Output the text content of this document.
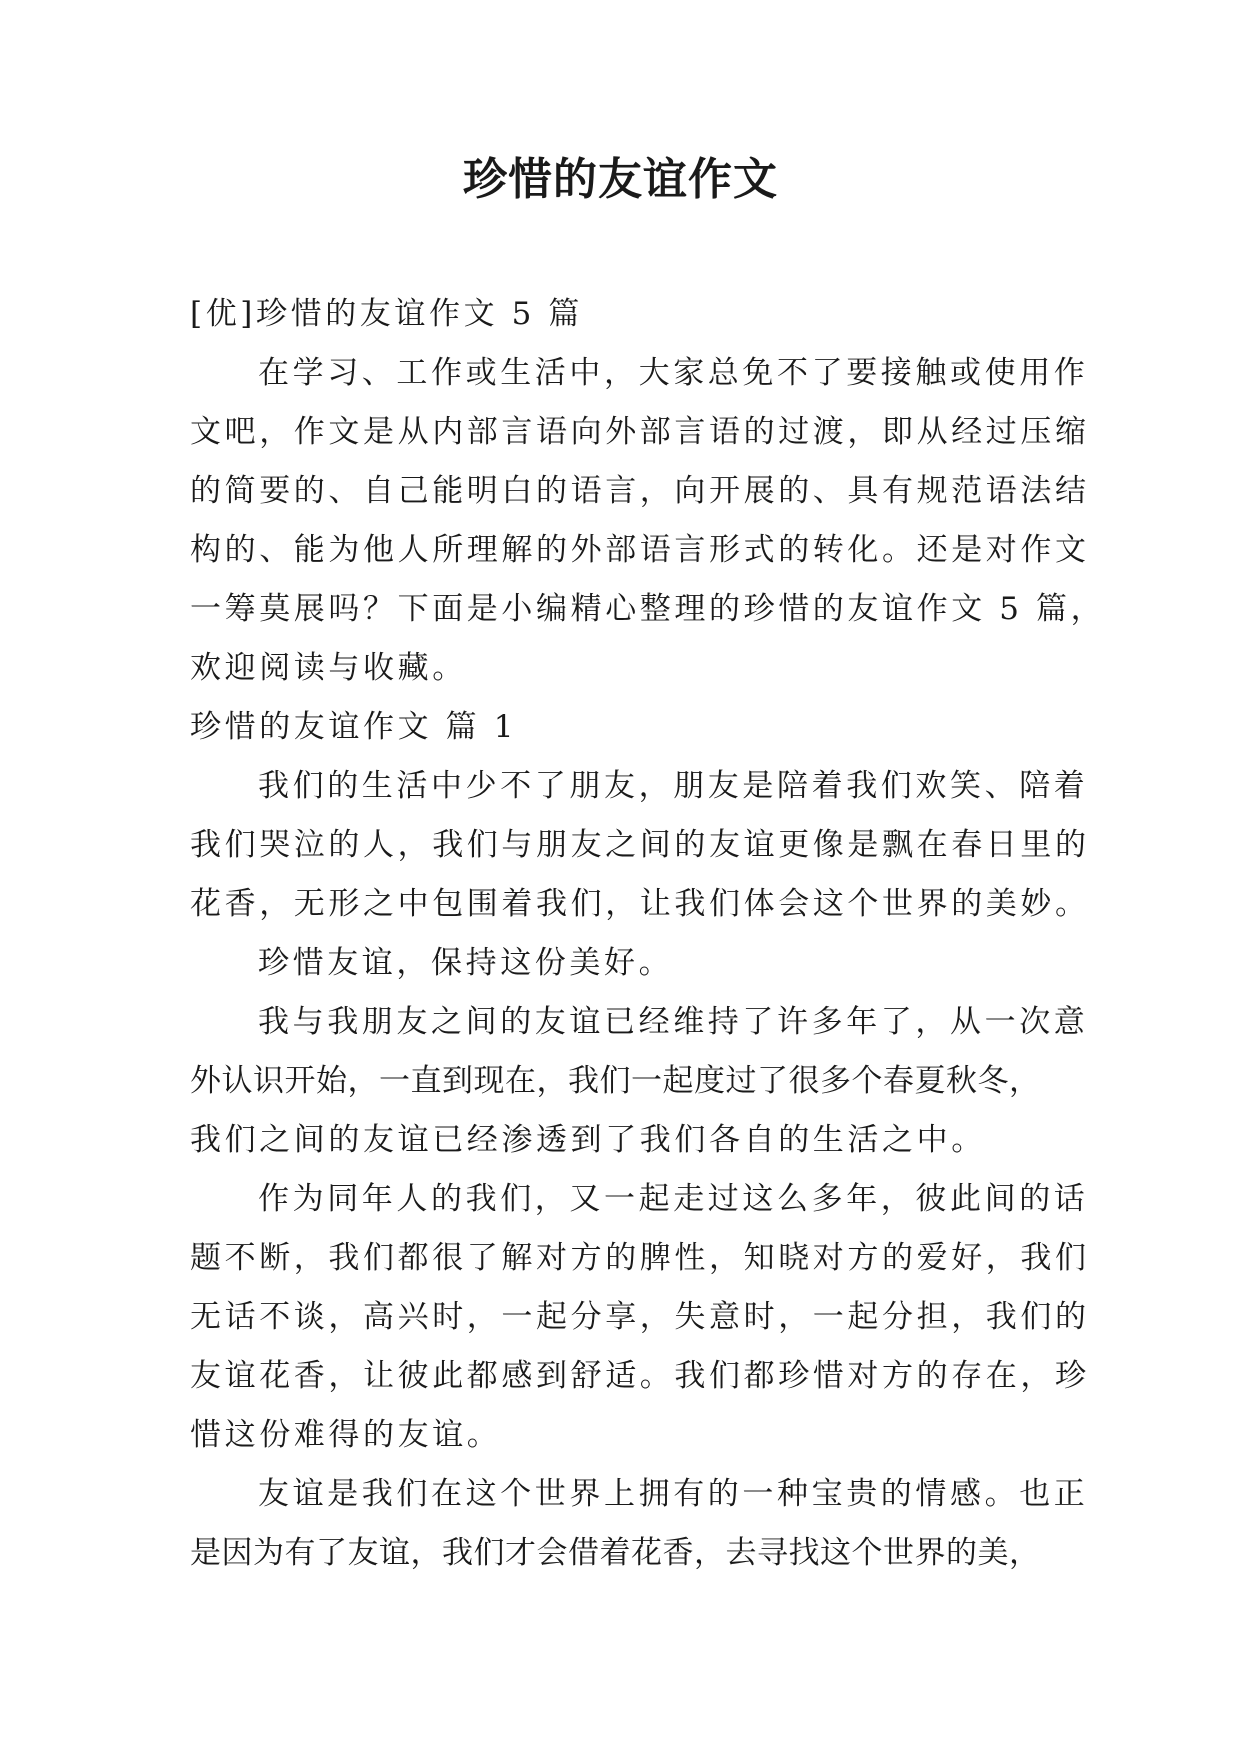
珍惜的友谊作文
[优]珍惜的友谊作文 5 篇

在学习、工作或生活中，大家总免不了要接触或使用作
文吧，作文是从内部言语向外部言语的过渡，即从经过压缩
的简要的、自己能明白的语言，向开展的、具有规范语法结
构的、能为他人所理解的外部语言形式的转化。还是对作文
一筹莫展吗？下面是小编精心整理的珍惜的友谊作文 5 篇，
欢迎阅读与收藏。

珍惜的友谊作文 篇 1

我们的生活中少不了朋友，朋友是陪着我们欢笑、陪着
我们哭泣的人，我们与朋友之间的友谊更像是飘在春日里的
花香，无形之中包围着我们，让我们体会这个世界的美妙。

珍惜友谊，保持这份美好。

我与我朋友之间的友谊已经维持了许多年了，从一次意
外认识开始，一直到现在，我们一起度过了很多个春夏秋冬，
我们之间的友谊已经渗透到了我们各自的生活之中。

作为同年人的我们，又一起走过这么多年，彼此间的话
题不断，我们都很了解对方的脾性，知晓对方的爱好，我们
无话不谈，高兴时，一起分享，失意时，一起分担，我们的
友谊花香，让彼此都感到舒适。我们都珍惜对方的存在，珍
惜这份难得的友谊。

友谊是我们在这个世界上拥有的一种宝贵的情感。也正
是因为有了友谊，我们才会借着花香，去寻找这个世界的美，
